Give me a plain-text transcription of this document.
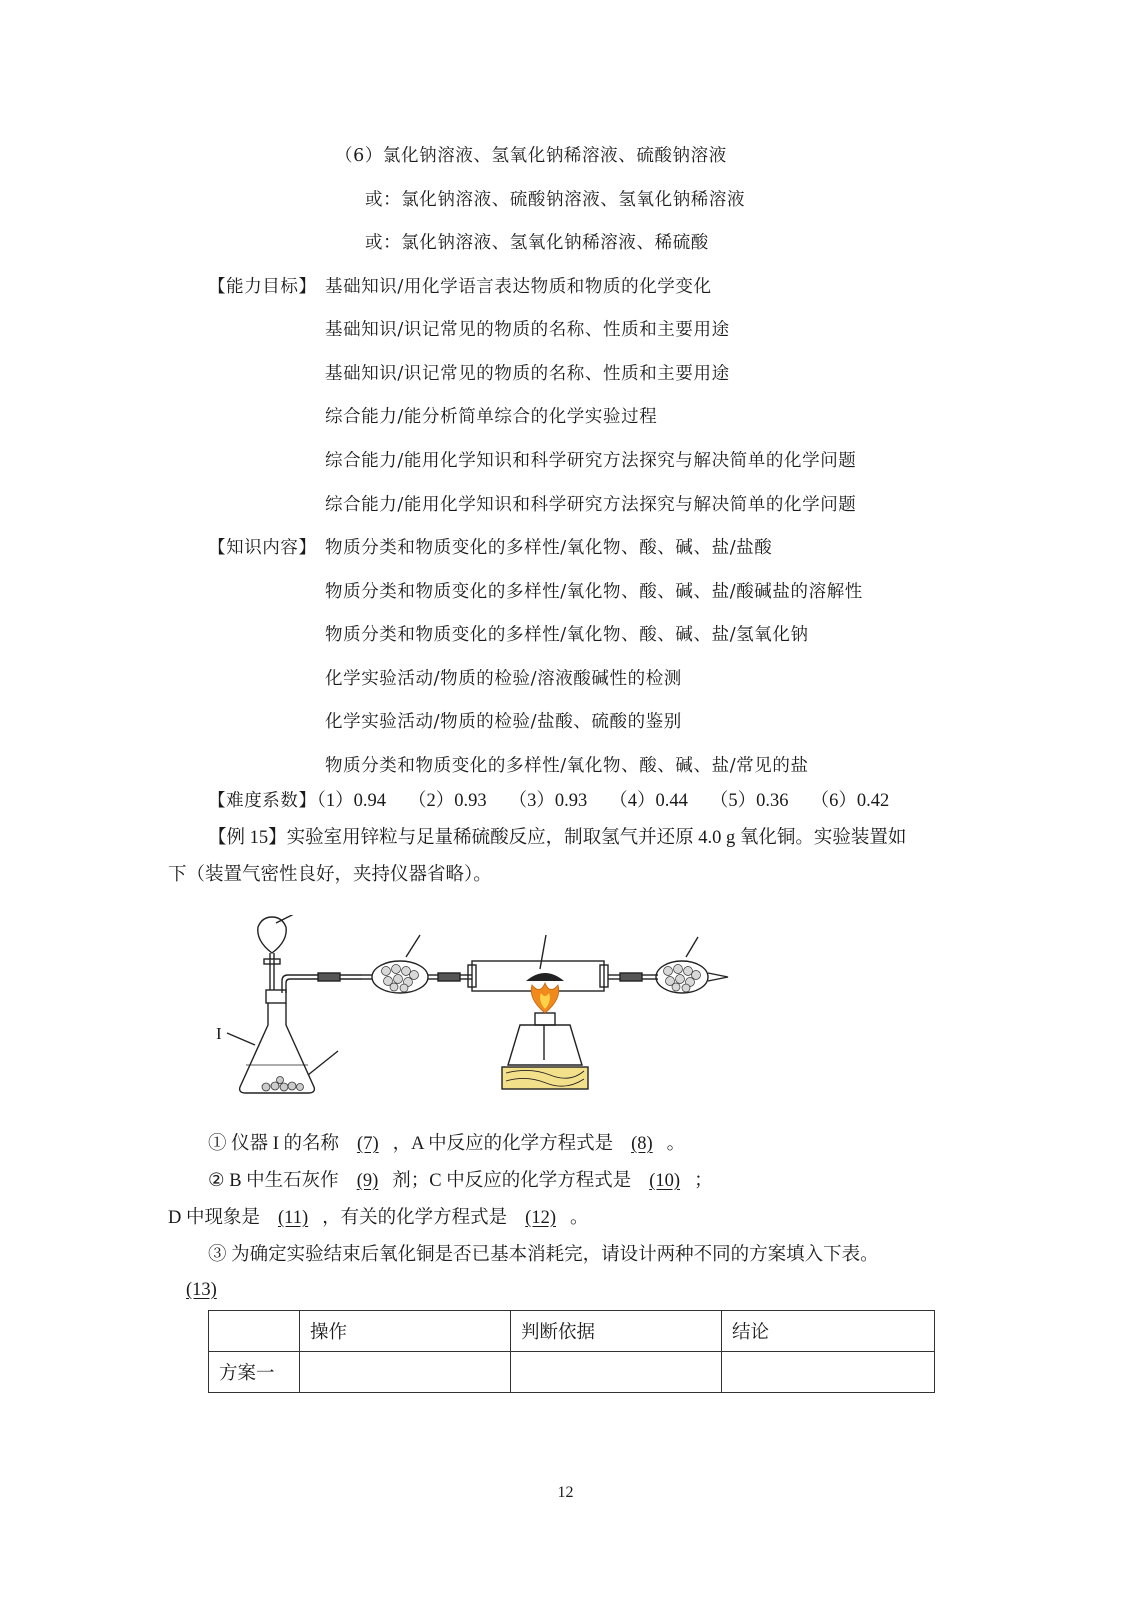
（6）氯化钠溶液、氢氧化钠稀溶液、硫酸钠溶液
或：氯化钠溶液、硫酸钠溶液、氢氧化钠稀溶液
或：氯化钠溶液、氢氧化钠稀溶液、稀硫酸
【能力目标】 基础知识/用化学语言表达物质和物质的化学变化
基础知识/识记常见的物质的名称、性质和主要用途
基础知识/识记常见的物质的名称、性质和主要用途
综合能力/能分析简单综合的化学实验过程
综合能力/能用化学知识和科学研究方法探究与解决简单的化学问题
综合能力/能用化学知识和科学研究方法探究与解决简单的化学问题
【知识内容】 物质分类和物质变化的多样性/氧化物、酸、碱、盐/盐酸
物质分类和物质变化的多样性/氧化物、酸、碱、盐/酸碱盐的溶解性
物质分类和物质变化的多样性/氧化物、酸、碱、盐/氢氧化钠
化学实验活动/物质的检验/溶液酸碱性的检测
化学实验活动/物质的检验/盐酸、硫酸的鉴别
物质分类和物质变化的多样性/氧化物、酸、碱、盐/常见的盐
【难度系数】（1）0.94 （2）0.93 （3）0.93 （4）0.44 （5）0.36 （6）0.42
【例 15】实验室用锌粒与足量稀硫酸反应，制取氢气并还原 4.0 g 氧化铜。实验装置如
下（装置气密性良好，夹持仪器省略）。
I
① 仪器 I 的名称 (7) ，A 中反应的化学方程式是 (8) 。
② B 中生石灰作 (9) 剂；C 中反应的化学方程式是 (10) ；
D 中现象是 (11) ，有关的化学方程式是 (12) 。
③ 为确定实验结束后氧化铜是否已基本消耗完，请设计两种不同的方案填入下表。
(13)
	操作	判断依据	结论
方案一			
12
